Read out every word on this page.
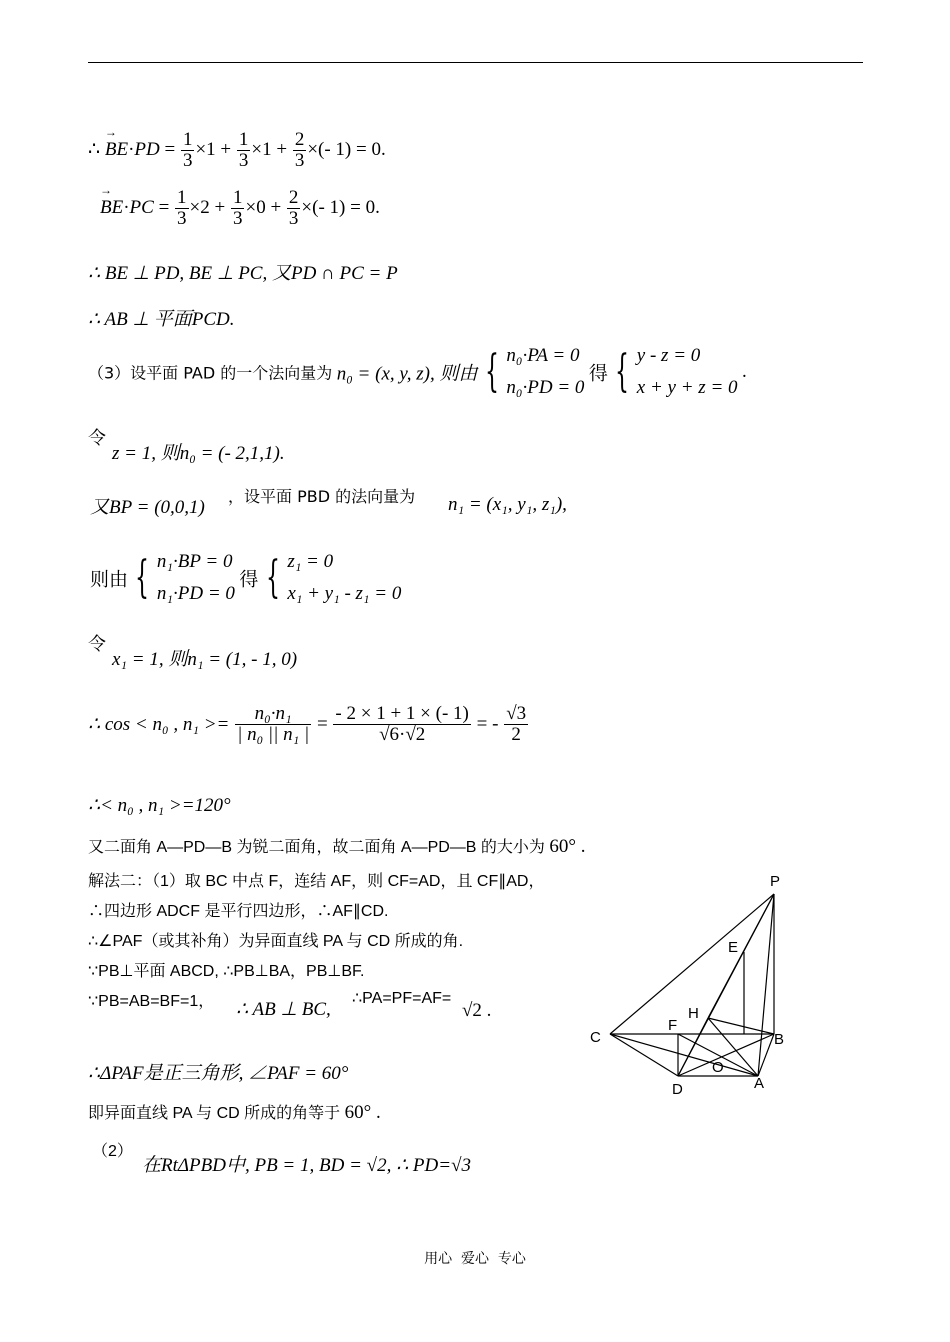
∴ → $BE\cdot PD = \frac{1}{3} \times 1 + \frac{1}{3} \times 1 + \frac{2}{3}$ ×(- 1) = 0.
→ $BE\cdot PC = \frac{1}{3} \times 2 + \frac{1}{3} \times 0 + \frac{2}{3}$ ×(- 1) = 0.
∴ BE ⊥ PD, BE ⊥ PC, 又PD ∩ PC = P
∴ AB ⊥ 平面PCD.
（3）设平面 PAD 的一个法向量为 n₀ = (x, y, z), 则由 { n₀·PA = 0
n₀·PD = 0
得 { y - z = 0
x + y + z = 0
.
令
z = 1, 则n₀ = (- 2,1,1).
又BP = (0,0,1)
，设平面 PBD 的法向量为 n₁ = (x₁, y₁, z₁),
则由 { n₁·BP = 0
n₁·PD = 0
得 { z₁ = 0
x₁ + y₁ - z₁ = 0
令
x₁ = 1, 则n₁ = (1, - 1, 0)
∴ cos < n₀ , $n_1 >= \frac{\text{n₀·n₁}}{\text{| n₀ || n₁ |}} = \frac{- 2 \times 1 + 1 \times (- 1)}{√6\cdot√2}$ = - $\frac{√3}{2}$
∴< n₀ , n₁ >=120°
又二面角 A—PD—B 为锐二面角，故二面角 A—PD—B 的大小为 60° .
解法二：（1）取 BC 中点 F，连结 AF，则 CF=AD，且 CF∥AD，
∴四边形 ADCF 是平行四边形，∴AF∥CD.
∴∠PAF（或其补角）为异面直线 PA 与 CD 所成的角.
∵PB⊥平面 ABCD, ∴PB⊥BA，PB⊥BF.
∵PB=AB=BF=1， ∴ AB ⊥ BC,
∴PA=PF=AF=
√2 .
∴ΔPAF是正三角形, ∠PAF = 60°
即异面直线 PA 与 CD 所成的角等于 60° .
（2）
在RtΔPBD中, PB = 1, BD = √2, ∴ PD=√3
P
E
C
F
H
B
O
D	A
用心  爱心  专心
